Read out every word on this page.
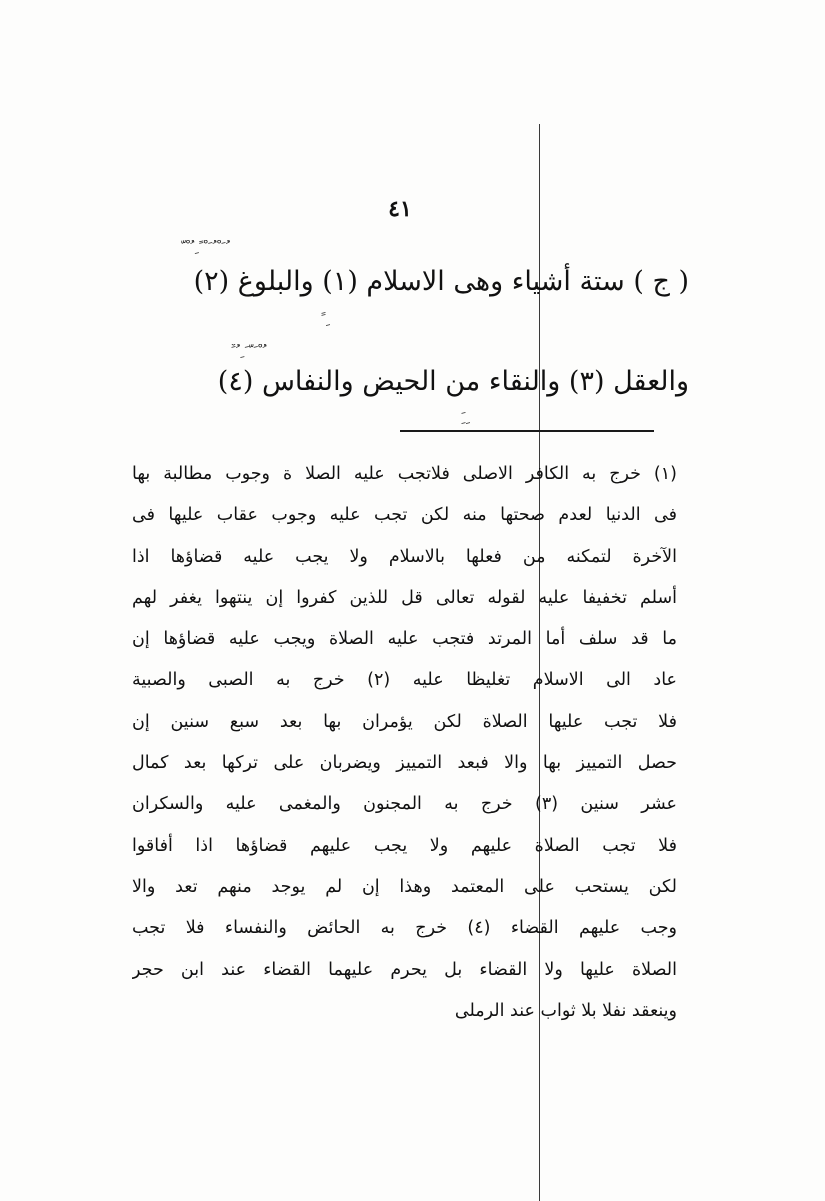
٤١
ّ َ ْ ُ ِ ً ْ َ ُ ْ َ ُ
َ َ ِ
( ج ) ستة أشياء وهى الاسلام (١) والبلوغ (٢)
َ ْ ُ ِ َ ّ َ ْ ُ
ِ َ ِ
والعقل (٣) والنقاء من الحيض والنفاس (٤)
(١) خرج به الكافر الاصلى فلاتجب عليه الصلا ة وجوب مطالبة بها
فى الدنيا لعدم صحتها منه لكن تجب عليه وجوب عقاب عليها فى
الآخرة لتمكنه من فعلها بالاسلام ولا يجب عليه قضاؤها اذا
أسلم تخفيفا عليه لقوله تعالى قل للذين كفروا إن ينتهوا يغفر لهم
ما قد سلف أما المرتد فتجب عليه الصلاة ويجب عليه قضاؤها إن
عاد الى الاسلام تغليظا عليه (٢) خرج به الصبى والصبية
فلا تجب عليها الصلاة لكن يؤمران بها بعد سبع سنين إن
حصل التمييز بها والا فبعد التمييز ويضربان على تركها بعد كمال
عشر سنين (٣) خرج به المجنون والمغمى عليه والسكران
فلا تجب الصلاة عليهم ولا يجب عليهم قضاؤها اذا أفاقوا
لكن يستحب على المعتمد وهذا إن لم يوجد منهم تعد والا
وجب عليهم القضاء (٤) خرج به الحائض والنفساء فلا تجب
الصلاة عليها ولا القضاء بل يحرم عليهما القضاء عند ابن حجر
وينعقد نفلا بلا ثواب عند الرملى
